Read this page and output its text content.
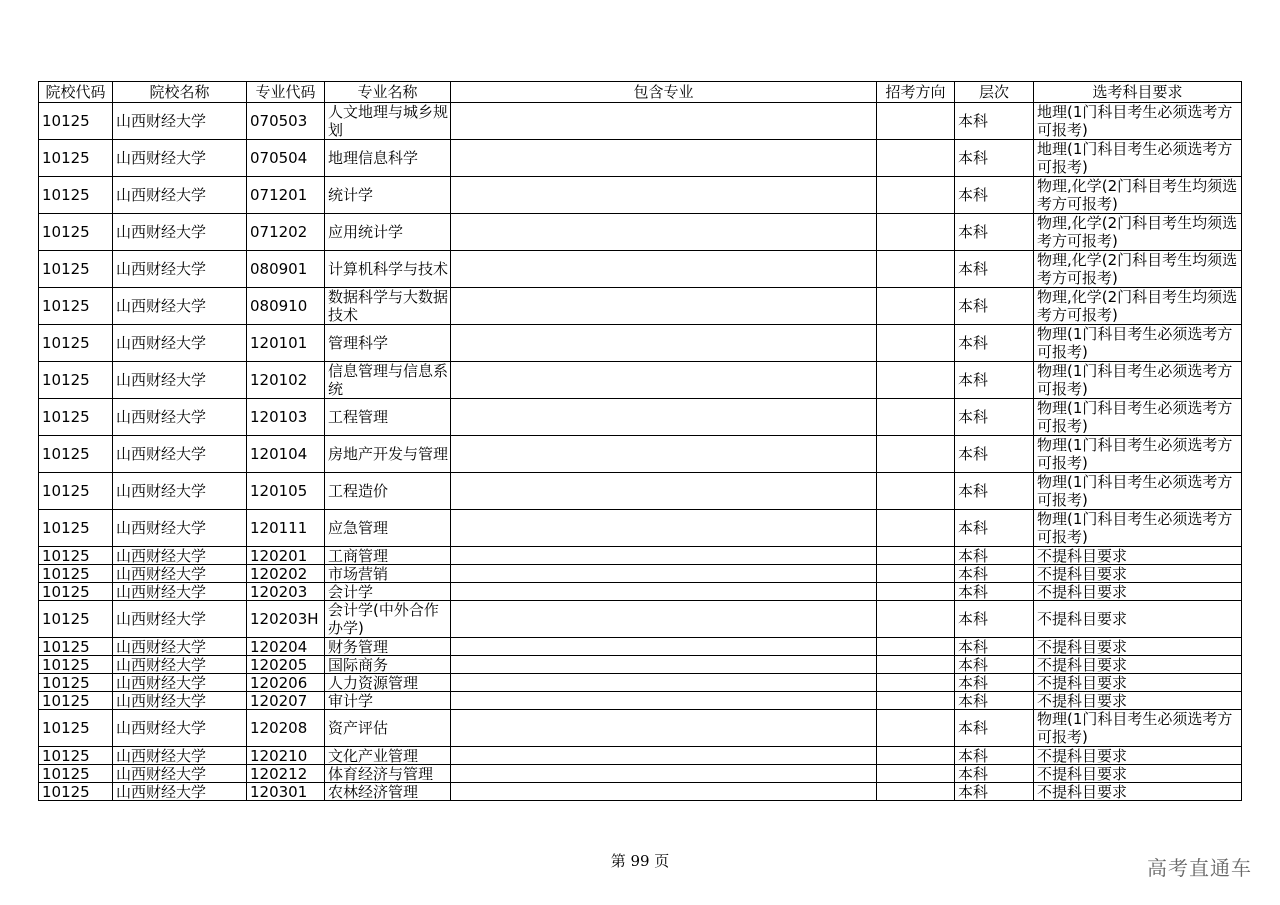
院校代码	院校名称	专业代码	专业名称	包含专业	招考方向	层次	选考科目要求
10125	山西财经大学	070503	人文地理与城乡规划			本科	地理(1门科目考生必须选考方可报考)
10125	山西财经大学	070504	地理信息科学			本科	地理(1门科目考生必须选考方可报考)
10125	山西财经大学	071201	统计学			本科	物理,化学(2门科目考生均须选考方可报考)
10125	山西财经大学	071202	应用统计学			本科	物理,化学(2门科目考生均须选考方可报考)
10125	山西财经大学	080901	计算机科学与技术			本科	物理,化学(2门科目考生均须选考方可报考)
10125	山西财经大学	080910	数据科学与大数据技术			本科	物理,化学(2门科目考生均须选考方可报考)
10125	山西财经大学	120101	管理科学			本科	物理(1门科目考生必须选考方可报考)
10125	山西财经大学	120102	信息管理与信息系统			本科	物理(1门科目考生必须选考方可报考)
10125	山西财经大学	120103	工程管理			本科	物理(1门科目考生必须选考方可报考)
10125	山西财经大学	120104	房地产开发与管理			本科	物理(1门科目考生必须选考方可报考)
10125	山西财经大学	120105	工程造价			本科	物理(1门科目考生必须选考方可报考)
10125	山西财经大学	120111	应急管理			本科	物理(1门科目考生必须选考方可报考)
10125	山西财经大学	120201	工商管理			本科	不提科目要求
10125	山西财经大学	120202	市场营销			本科	不提科目要求
10125	山西财经大学	120203	会计学			本科	不提科目要求
10125	山西财经大学	120203H	会计学(中外合作办学)			本科	不提科目要求
10125	山西财经大学	120204	财务管理			本科	不提科目要求
10125	山西财经大学	120205	国际商务			本科	不提科目要求
10125	山西财经大学	120206	人力资源管理			本科	不提科目要求
10125	山西财经大学	120207	审计学			本科	不提科目要求
10125	山西财经大学	120208	资产评估			本科	物理(1门科目考生必须选考方可报考)
10125	山西财经大学	120210	文化产业管理			本科	不提科目要求
10125	山西财经大学	120212	体育经济与管理			本科	不提科目要求
10125	山西财经大学	120301	农林经济管理			本科	不提科目要求
第 99 页	高考直通车
